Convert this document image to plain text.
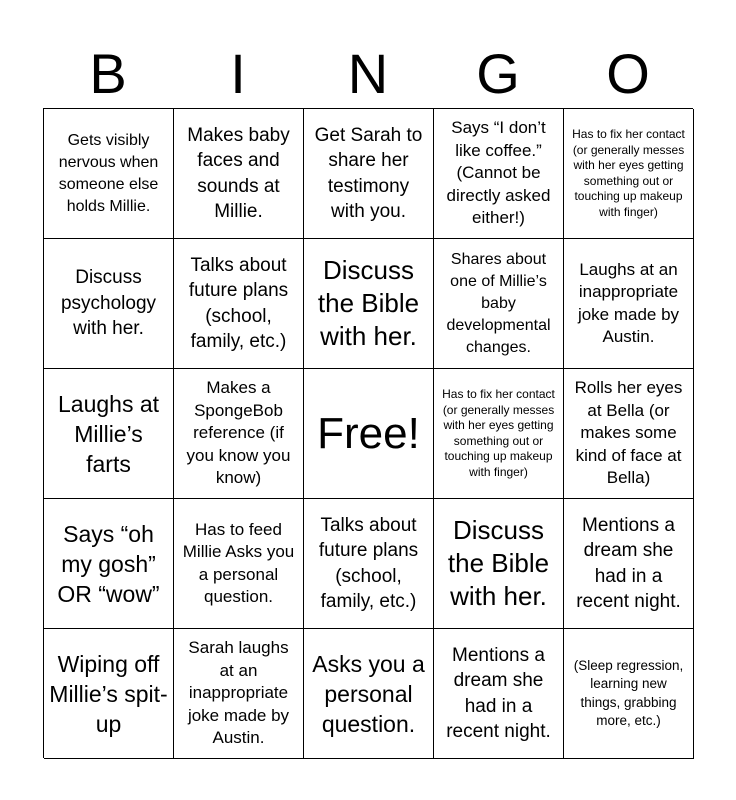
B	I	N	G	O
Gets visibly nervous when someone else holds Millie.
Makes baby faces and sounds at Millie.
Get Sarah to share her testimony with you.
Says “I don’t like coffee.” (Cannot be directly asked either!)
Has to fix her contact (or generally messes with her eyes getting something out or touching up makeup with finger)
Discuss psychology with her.
Talks about future plans (school, family, etc.)
Discuss the Bible with her.
Shares about one of Millie’s baby developmental changes.
Laughs at an inappropriate joke made by Austin.
Laughs at Millie’s farts
Makes a SpongeBob reference (if you know you know)
Free!
Has to fix her contact (or generally messes with her eyes getting something out or touching up makeup with finger)
Rolls her eyes at Bella (or makes some kind of face at Bella)
Says “oh my gosh” OR “wow”
Has to feed Millie Asks you a personal question.
Talks about future plans (school, family, etc.)
Discuss the Bible with her.
Mentions a dream she had in a recent night.
Wiping off Millie’s spit-up
Sarah laughs at an inappropriate joke made by Austin.
Asks you a personal question.
Mentions a dream she had in a recent night.
(Sleep regression, learning new things, grabbing more, etc.)
